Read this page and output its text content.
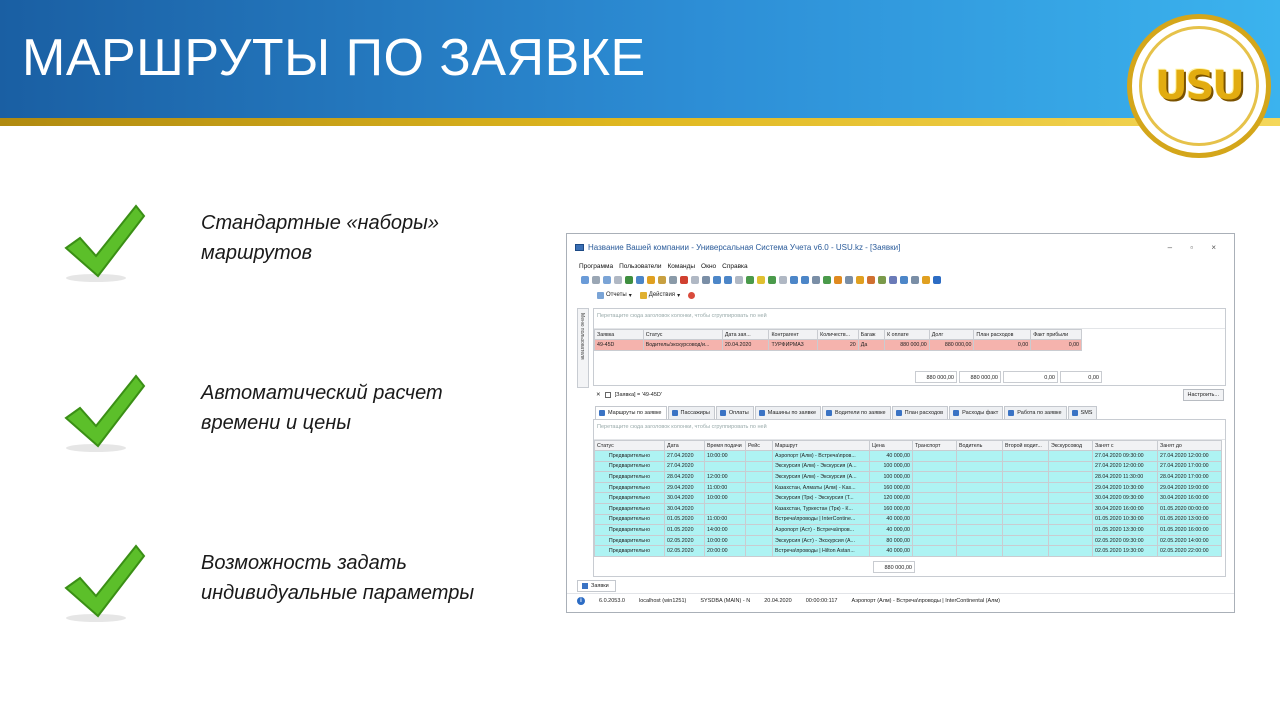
МАРШРУТЫ ПО ЗАЯВКЕ	USU
Стандартные «наборы»
маршрутов
Автоматический расчет
времени и цены
Возможность задать
индивидуальные параметры
Название Вашей компании - Универсальная Система Учета v6.0 - USU.kz - [Заявки]	– ▫ ×
Программа Пользователи Команды Окно Справка
Отчеты ▾	Действия ▾
Меню пользователя	Перетащите сюда заголовок колонки, чтобы сгруппировать по ней
Заявка	Статус	Дата зая...	Контрагент	Количеств...	Багаж	К оплате	Долг	План расходов	Факт прибыли
49-45D	Водитель/экскурсовод/и...	20.04.2020	ТУРФИРМА3	20	Да	880 000,00	880 000,00	0,00	0,00
880 000,00	880 000,00	0,00	0,00
✕	[Заявка] = '49-45D'	Настроить...
Маршруты по заявке	Пассажиры	Оплаты	Машины по заявке	Водители по заявке	План расходов	Расходы факт	Работа по заявке	SMS
Перетащите сюда заголовок колонки, чтобы сгруппировать по ней
Статус	Дата	Время подачи	Рейс	Маршрут	Цена	Транспорт	Водитель	Второй водит...	Экскурсовод	Занят с	Занят до
Предварительно	27.04.2020	10:00:00		Аэропорт (Алм) - Встреча\пров...	40 000,00					27.04.2020 09:30:00	27.04.2020 12:00:00
Предварительно	27.04.2020			Экскурсия (Алм) - Экскурсия (А...	100 000,00					27.04.2020 12:00:00	27.04.2020 17:00:00
Предварительно	28.04.2020	12:00:00		Экскурсия (Алм) - Экскурсия (А...	100 000,00					28.04.2020 11:30:00	28.04.2020 17:00:00
Предварительно	29.04.2020	11:00:00		Казахстан, Алматы (Алм) - Kas...	160 000,00					29.04.2020 10:30:00	29.04.2020 19:00:00
Предварительно	30.04.2020	10:00:00		Экскурсия (Трк) - Экскурсия (Т...	120 000,00					30.04.2020 09:30:00	30.04.2020 16:00:00
Предварительно	30.04.2020			Казахстан, Туркестан (Трк) - К...	160 000,00					30.04.2020 16:00:00	01.05.2020 00:00:00
Предварительно	01.05.2020	11:00:00		Встреча\проводы | InterContine...	40 000,00					01.05.2020 10:30:00	01.05.2020 13:00:00
Предварительно	01.05.2020	14:00:00		Аэропорт (Аст) - Встреча\пров...	40 000,00					01.05.2020 13:30:00	01.05.2020 16:00:00
Предварительно	02.05.2020	10:00:00		Экскурсия (Аст) - Экскурсия (А...	80 000,00					02.05.2020 09:30:00	02.05.2020 14:00:00
Предварительно	02.05.2020	20:00:00		Встреча\проводы | Hilton Astan...	40 000,00					02.05.2020 19:30:00	02.05.2020 22:00:00
880 000,00
Заявки
i	6.0.2053.0	localhost (win1251)	SYSDBA (MAIN) - N	20.04.2020	00:00:00:117	Аэропорт (Алм) - Встреча\проводы | InterContinental (Алм)
